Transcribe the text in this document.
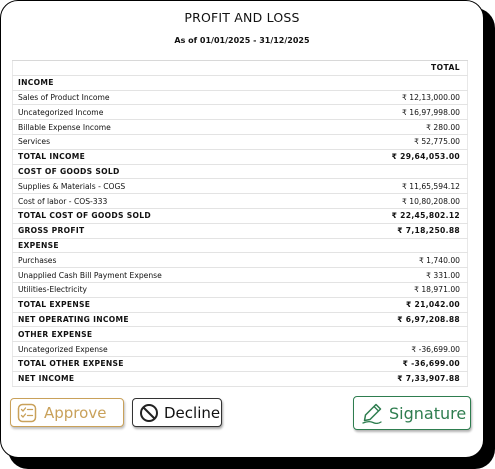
PROFIT AND LOSS
As of 01/01/2025 - 31/12/2025
	TOTAL
INCOME	
Sales of Product Income	₹ 12,13,000.00
Uncategorized Income	₹ 16,97,998.00
Billable Expense Income	₹ 280.00
Services	₹ 52,775.00
TOTAL INCOME	₹ 29,64,053.00
COST OF GOODS SOLD	
Supplies & Materials - COGS	₹ 11,65,594.12
Cost of labor - COS-333	₹ 10,80,208.00
TOTAL COST OF GOODS SOLD	₹ 22,45,802.12
GROSS PROFIT	₹ 7,18,250.88
EXPENSE	
Purchases	₹ 1,740.00
Unapplied Cash Bill Payment Expense	₹ 331.00
Utilities-Electricity	₹ 18,971.00
TOTAL EXPENSE	₹ 21,042.00
NET OPERATING INCOME	₹ 6,97,208.88
OTHER EXPENSE	
Uncategorized Expense	₹ -36,699.00
TOTAL OTHER EXPENSE	₹ -36,699.00
NET INCOME	₹ 7,33,907.88
Approve	Decline	Signature
